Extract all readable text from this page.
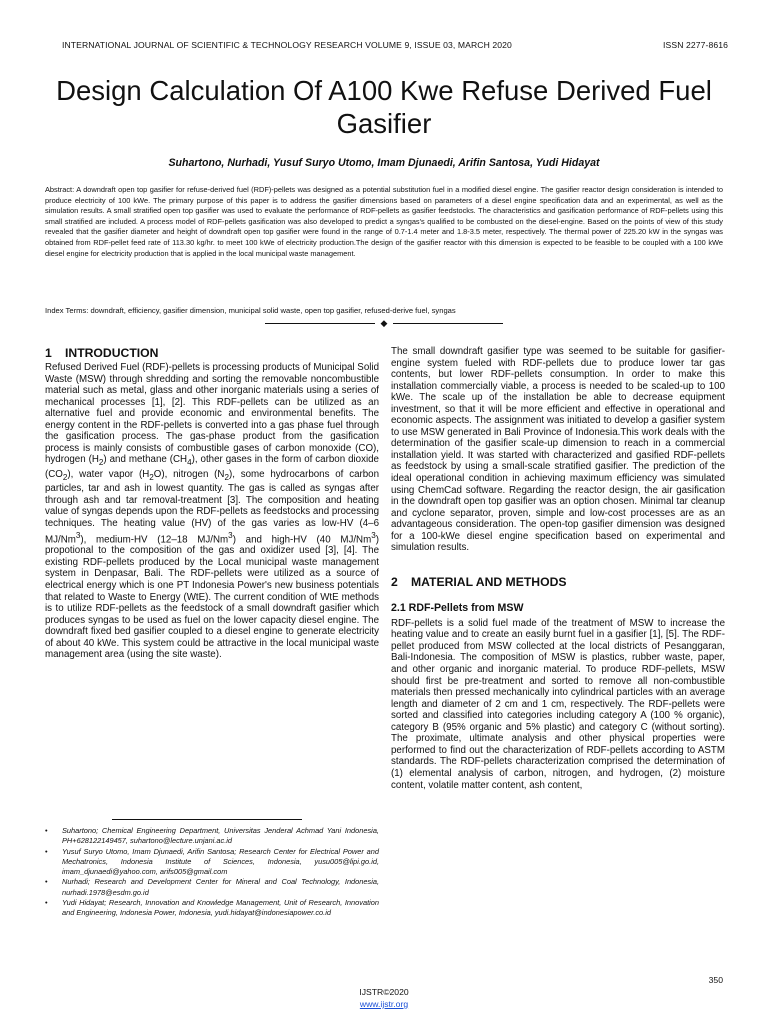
INTERNATIONAL JOURNAL OF SCIENTIFIC & TECHNOLOGY RESEARCH VOLUME 9, ISSUE 03, MARCH 2020	ISSN 2277-8616
Design Calculation Of A100 Kwe Refuse Derived Fuel Gasifier
Suhartono, Nurhadi, Yusuf Suryo Utomo, Imam Djunaedi, Arifin Santosa, Yudi Hidayat
Abstract: A downdraft open top gasifier for refuse-derived fuel (RDF)-pellets was designed as a potential substitution fuel in a modified diesel engine. The gasifier reactor design consideration is intended to produce electricity of 100 kWe. The primary purpose of this paper is to address the gasifier dimensions based on parameters of a diesel engine specification data and an experimental, as well as the simulation results. A small stratified open top gasifier was used to evaluate the performance of RDF-pellets as gasifier feedstocks. The characteristics and gasification performance of RDF-pellets using this small stratified are included. A process model of RDF-pellets gasification was also developed to predict a syngas's qualified to be combusted on the diesel-engine. Based on the points of view of this study revealed that the gasifier diameter and height of downdraft open top gasifier were found in the range of 0.7-1.4 meter and 1.8-3.5 meter, respectively. The thermal power of 225.20 kW in the syngas was obtained from RDF-pellet feed rate of 113.30 kg/hr. to meet 100 kWe of electricity production.The design of the gasifier reactor with this dimension is expected to be feasible to be coupled with a 100 kWe diesel engine for electricity production that is applied in the local municipal waste management.
Index Terms: downdraft, efficiency, gasifier dimension, municipal solid waste, open top gasifier, refused-derive fuel, syngas
◆
1 INTRODUCTION

Refused Derived Fuel (RDF)-pellets is processing products of Municipal Solid Waste (MSW) through shredding and sorting the removable noncombustible material such as metal, glass and other inorganic materials using a series of mechanical processes [1], [2]. This RDF-pellets can be utilized as an alternative fuel and provide economic and environmental benefits. The energy content in the RDF-pellets is converted into a gas phase fuel through the gasification process. The gas-phase product from the gasification process is mainly consists of combustible gases of carbon monoxide (CO), hydrogen $(H_2)$ and methane $(CH_4)$, other gases in the form of carbon dioxide $(CO_2)$, water vapor $(H_2O)$, nitrogen $(N_2)$, some hydrocarbons of carbon particles, tar and ash in lowest quantity. The gas is called as syngas after through ash and tar removal-treatment [3]. The composition and heating value of syngas depends upon the RDF-pellets as feedstocks and processing techniques. The heating value (HV) of the gas varies as low-HV (4–6 MJ/Nm$^3$), medium-HV (12–18 MJ/Nm$^3$) and high-HV (40 MJ/Nm$^3$) propotional to the composition of the gas and oxidizer used [3], [4]. The existing RDF-pellets produced by the Local municipal waste management system in Denpasar, Bali. The RDF-pellets were utilized as a source of electrical energy which is one PT Indonesia Power's new business potentials that related to Waste to Energy (WtE). The current condition of WtE methods is to utilize RDF-pellets as the feedstock of a small downdraft gasifier which produces syngas to be used as fuel on the lower capacity diesel engine. The downdraft fixed bed gasifier coupled to a diesel engine to generate electricity of about 40 kWe. This system could be attractive in the local municipal waste management area (using the site waste).

• Suhartono; Chemical Engineering Department, Universitas Jenderal Achmad Yani Indonesia, PH+628122149457, suhartono@lecture.unjani.ac.id
• Yusuf Suryo Utomo, Imam Djunaedi, Arifin Santosa; Research Center for Electrical Power and Mechatronics, Indonesia Institute of Sciences, Indonesia, yusu005@lipi.go.id, imam_djunaedi@yahoo.com, arifs005@gmail.com
• Nurhadi; Research and Development Center for Mineral and Coal Technology, Indonesia, nurhadi.1978@esdm.go.id
• Yudi Hidayat; Research, Innovation and Knowledge Management, Unit of Research, Innovation and Engineering, Indonesia Power, Indonesia, yudi.hidayat@indonesiapower.co.id

The small downdraft gasifier type was seemed to be suitable for gasifier-engine system fueled with RDF-pellets due to produce lower tar gas contents, but lower RDF-pellets consumption. In order to make this installation commercially viable, a process is needed to be scaled-up to 100 kWe. The scale up of the installation be able to decrease equipment investment, so that it will be more efficient and effective in operational and economic aspects. The assignment was initiated to develop a gasifier system to use MSW generated in Bali Province of Indonesia.This work deals with the determination of the gasifier scale-up dimension to reach in a commercial installation yield. It was started with characterized and gasified RDF-pellets as feedstock by using a small-scale stratified gasifier. The prediction of the ideal operational condition in achieving maximum efficiency was simulated using ChemCad software. Regarding the reactor design, the air gasification in the downdraft open top gasifier was an option chosen. Minimal tar cleanup and cyclone separator, proven, simple and low-cost processes are as an advantageous consideration. The open-top gasifier dimension was designed for a 100-kWe diesel engine specification based on experimental and simulation results.

2 MATERIAL AND METHODS
2.1 RDF-Pellets from MSW

RDF-pellets is a solid fuel made of the treatment of MSW to increase the heating value and to create an easily burnt fuel in a gasifier [1], [5]. The RDF-pellet produced from MSW collected at the local districts of Pesanggaran, Bali-Indonesia. The composition of MSW is plastics, rubber waste, paper, and other organic and inorganic material. To produce RDF-pellets, MSW should first be pre-treatment and sorted to remove all non-combustible materials then pressed mechanically into cylindrical particles with an average length and diameter of 2 cm and 1 cm, respectively. The RDF-pellets were sorted and classified into categories including category A (100 % organic), category B (95% organic and 5% plastic) and category C (without sorting). The proximate, ultimate analysis and other physical properties were performed to find out the characterization of RDF-pellets according to ASTM standards. The RDF-pellets characterization comprised the determination of (1) elemental analysis of carbon, nitrogen, and hydrogen, (2) moisture content, volatile matter content, ash content,

350
IJSTR©2020
www.ijstr.org
